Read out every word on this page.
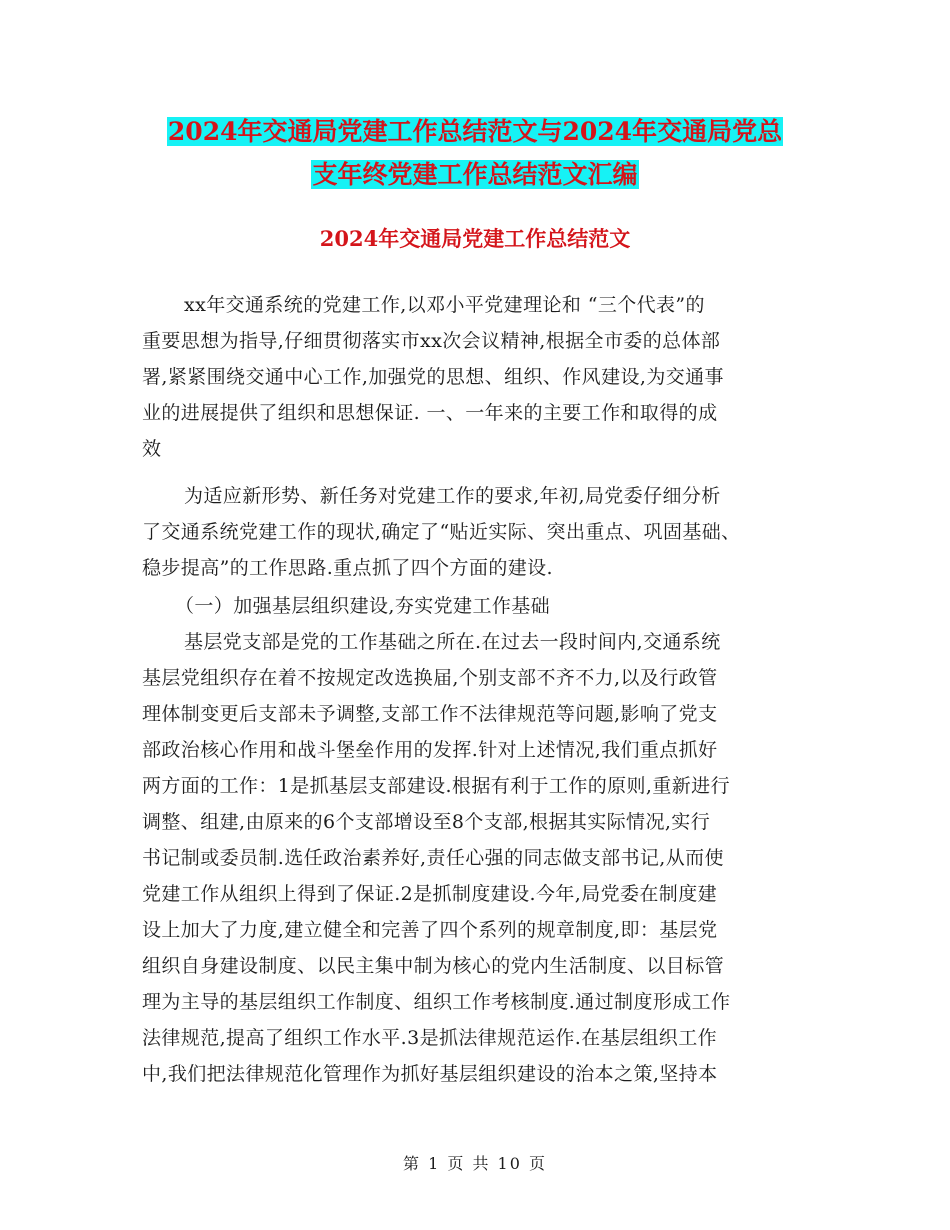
2024年交通局党建工作总结范文与2024年交通局党总
支年终党建工作总结范文汇编
2024年交通局党建工作总结范文
xx年交通系统的党建工作,以邓小平党建理论和 “三个代表”的
重要思想为指导,仔细贯彻落实市xx次会议精神,根据全市委的总体部
署,紧紧围绕交通中心工作,加强党的思想、组织、作风建设,为交通事
业的进展提供了组织和思想保证. 一、一年来的主要工作和取得的成
效
为适应新形势、新任务对党建工作的要求,年初,局党委仔细分析
了交通系统党建工作的现状,确定了“贴近实际、突出重点、巩固基础、
稳步提高”的工作思路.重点抓了四个方面的建设.
（一）加强基层组织建设,夯实党建工作基础
基层党支部是党的工作基础之所在.在过去一段时间内,交通系统
基层党组织存在着不按规定改选换届,个别支部不齐不力,以及行政管
理体制变更后支部未予调整,支部工作不法律规范等问题,影响了党支
部政治核心作用和战斗堡垒作用的发挥.针对上述情况,我们重点抓好
两方面的工作：1是抓基层支部建设.根据有利于工作的原则,重新进行
调整、组建,由原来的6个支部增设至8个支部,根据其实际情况,实行
书记制或委员制.选任政治素养好,责任心强的同志做支部书记,从而使
党建工作从组织上得到了保证.2是抓制度建设.今年,局党委在制度建
设上加大了力度,建立健全和完善了四个系列的规章制度,即：基层党
组织自身建设制度、以民主集中制为核心的党内生活制度、以目标管
理为主导的基层组织工作制度、组织工作考核制度.通过制度形成工作
法律规范,提高了组织工作水平.3是抓法律规范运作.在基层组织工作
中,我们把法律规范化管理作为抓好基层组织建设的治本之策,坚持本
第 1 页 共 10 页
